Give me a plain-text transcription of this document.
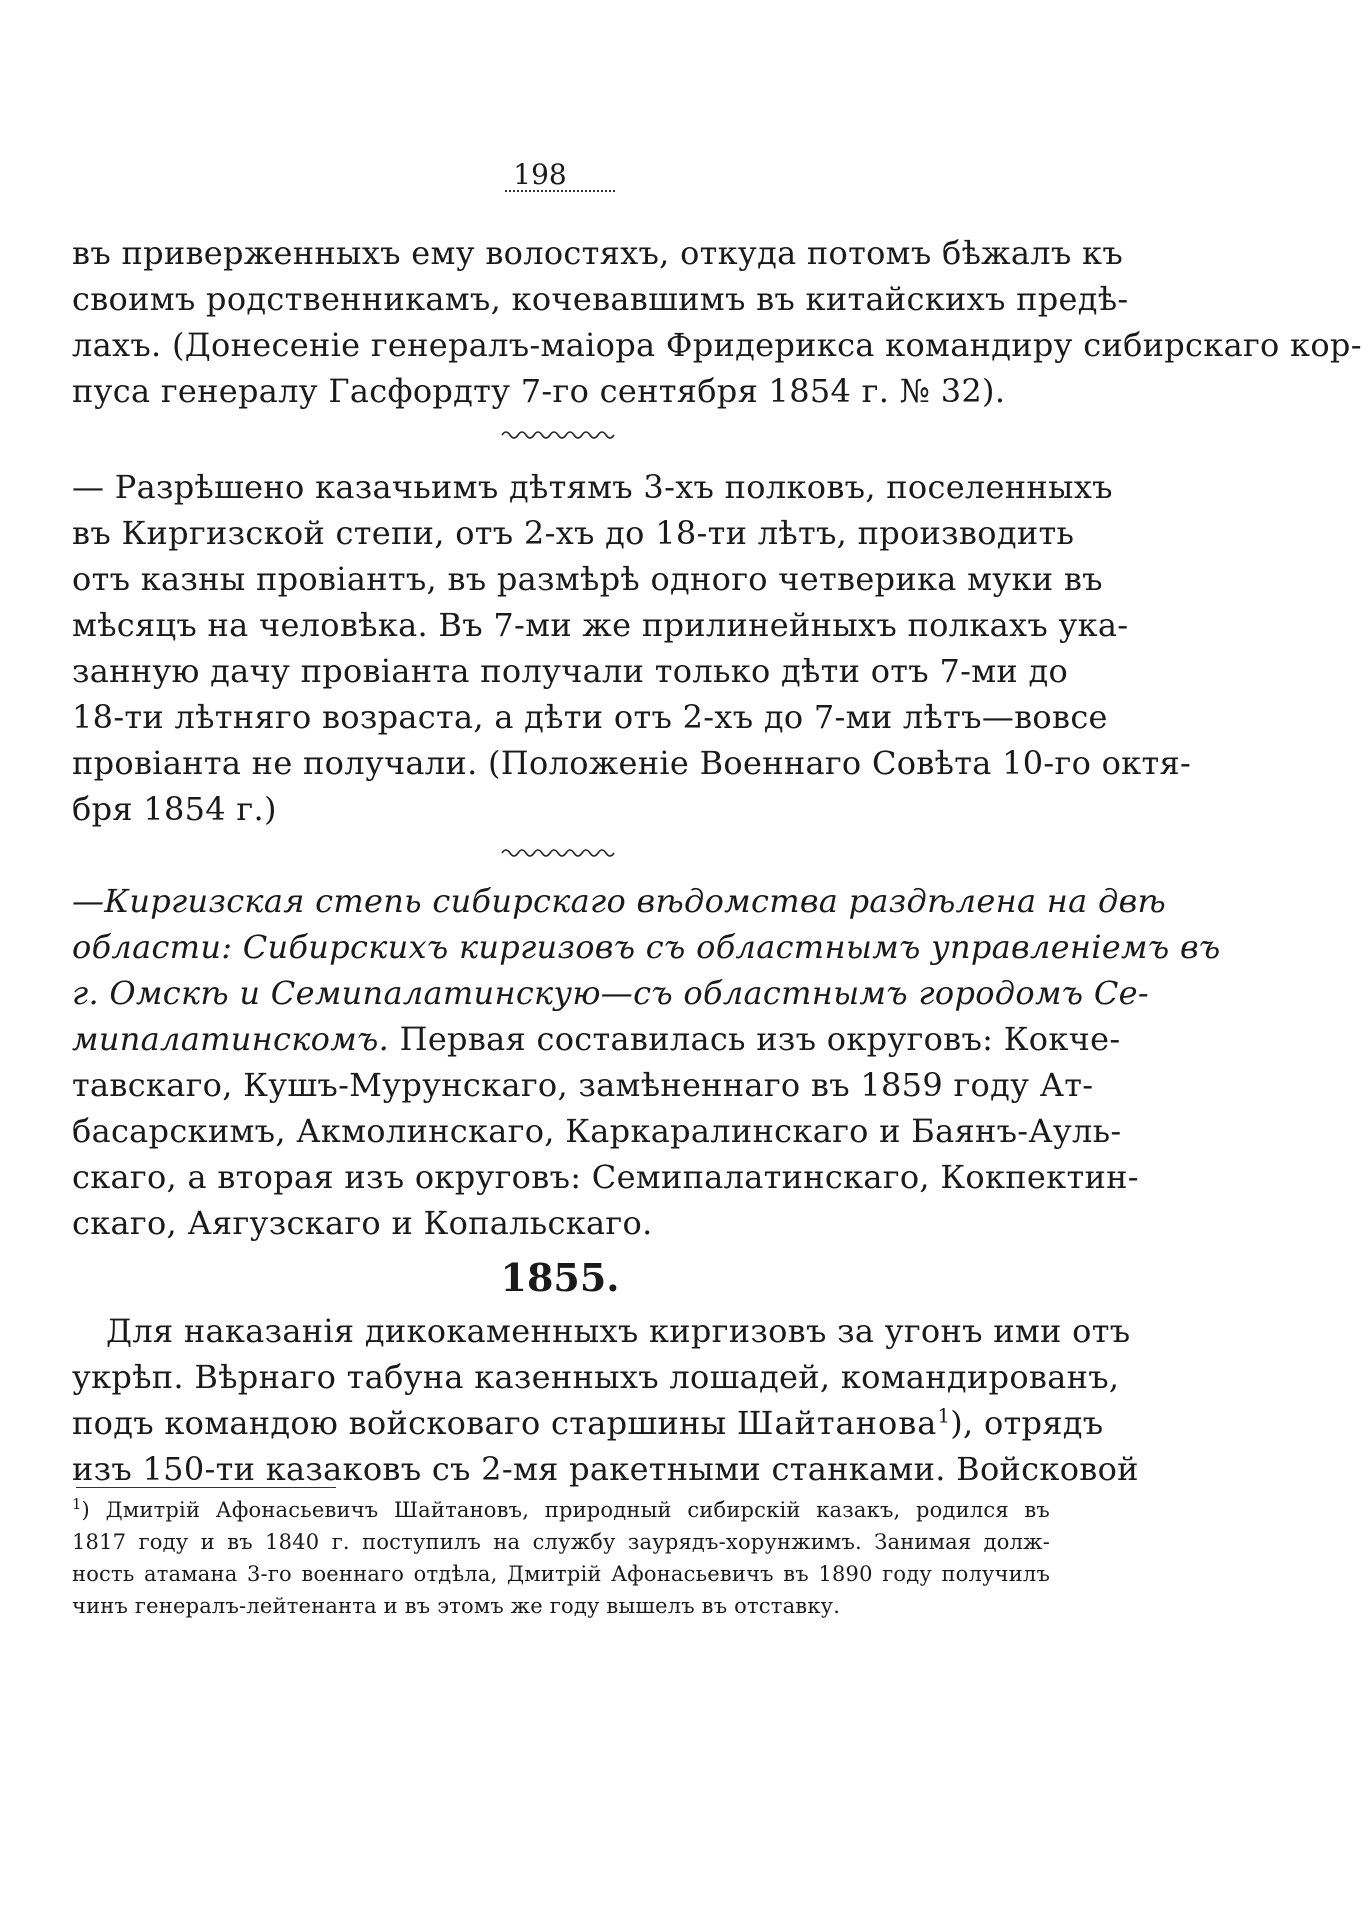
198

въ приверженныхъ ему волостяхъ, откуда потомъ бѣжалъ къ

своимъ родственникамъ, кочевавшимъ въ китайскихъ предѣ-

лахъ. (Донесеніе генералъ-маіора Фридерикса командиру сибирскаго кор-

пуса генералу Гасфордту 7-го сентября 1854 г. № 32).

— Разрѣшено казачьимъ дѣтямъ 3-хъ полковъ, поселенныхъ

въ Киргизской степи, отъ 2-хъ до 18-ти лѣтъ, производить

отъ казны провіантъ, въ размѣрѣ одного четверика муки въ

мѣсяцъ на человѣка. Въ 7-ми же прилинейныхъ полкахъ ука-

занную дачу провіанта получали только дѣти отъ 7-ми до

18-ти лѣтняго возраста, а дѣти отъ 2-хъ до 7-ми лѣтъ—вовсе

провіанта не получали. (Положеніе Военнаго Совѣта 10-го октя-

бря 1854 г.)

—Киргизская степь сибирскаго вѣдомства раздѣлена на двѣ

области: Сибирскихъ киргизовъ съ областнымъ управленіемъ въ

г. Омскѣ и Семипалатинскую—съ областнымъ городомъ Се-

мипалатинскомъ. Первая составилась изъ округовъ: Кокче-

тавскаго, Кушъ-Мурунскаго, замѣненнаго въ 1859 году Ат-

басарскимъ, Акмолинскаго, Каркаралинскаго и Баянъ-Ауль-

скаго, а вторая изъ округовъ: Семипалатинскаго, Кокпектин-

скаго, Аягузскаго и Копальскаго.

1855.

Для наказанія дикокаменныхъ киргизовъ за угонъ ими отъ

укрѣп. Вѣрнаго табуна казенныхъ лошадей, командированъ,

подъ командою войсковаго старшины Шайтанова$^1$), отрядъ

изъ 150-ти казаковъ съ 2-мя ракетными станками. Войсковой

$^1$) Дмитрій Афонасьевичъ Шайтановъ, природный сибирскій казакъ, родился въ

1817 году и въ 1840 г. поступилъ на службу заурядъ-хорунжимъ. Занимая долж-

ность атамана 3-го военнаго отдѣла, Дмитрій Афонасьевичъ въ 1890 году получилъ

чинъ генералъ-лейтенанта и въ этомъ же году вышелъ въ отставку.
